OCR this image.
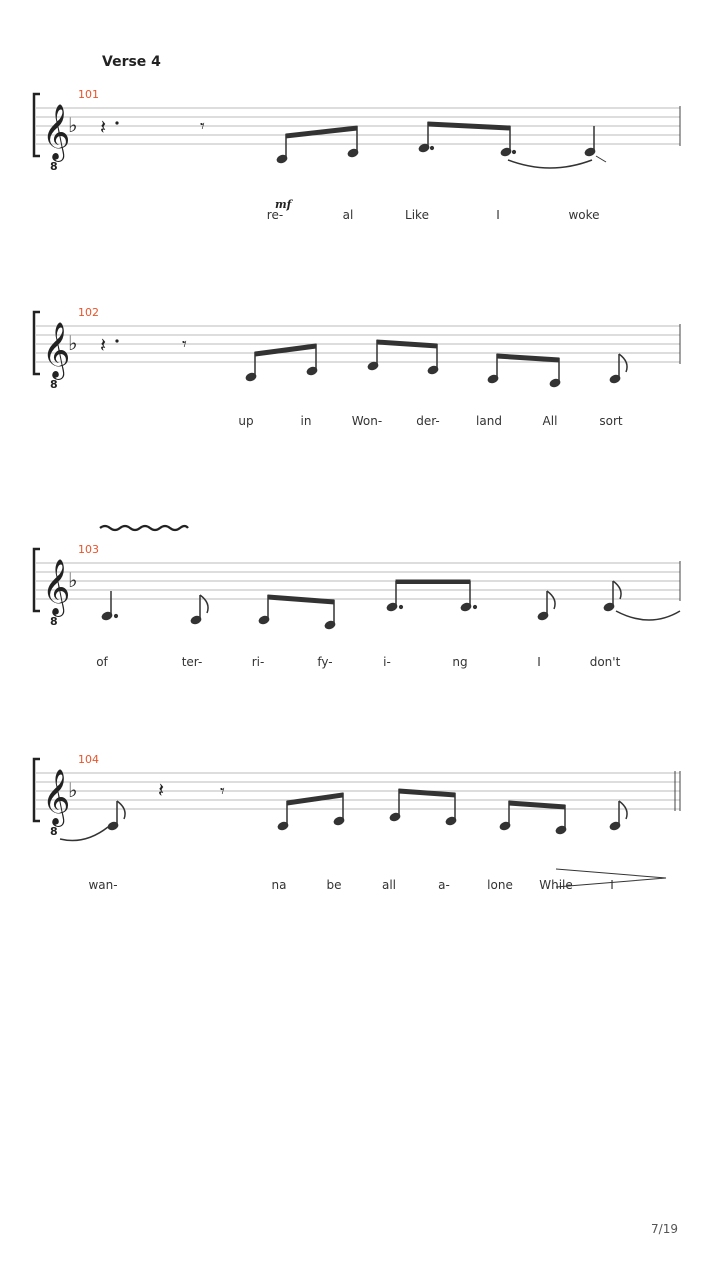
Verse 4
𝄞
♭ 𝄽	𝄾
8
101
mf
re-	al	Like	I	woke
𝄞
♭ 𝄽	𝄾
8
102
up	in	Won-	der-	land	All	sort
𝄞
♭
8
103
of	ter-	ri-	fy-	i-	ng	I	don't
𝄞
♭	𝄽	𝄾
8
104
wan-	na	be	all	a-	lone While	I
7/19
